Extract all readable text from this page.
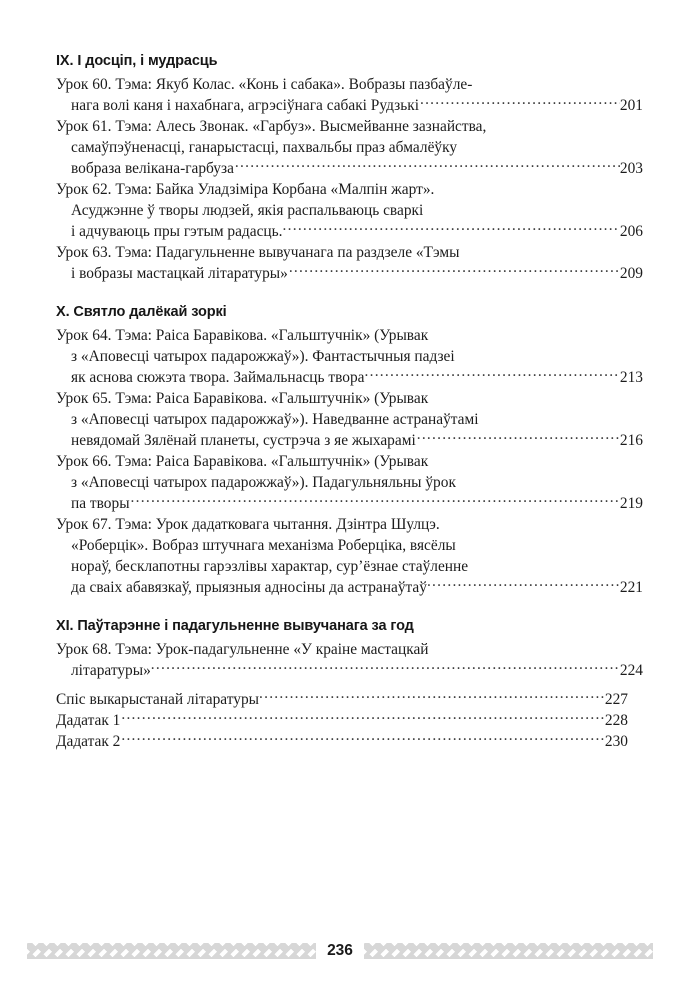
IX. I досціп, і мудрасць
Урок 60. Тэма: Якуб Колас. «Конь і сабака». Вобразы пазбаўле-
нага волі каня і нахабнага, агрэсіўнага сабакі Рудзькі .....	201
Урок 61. Тэма: Алесь Звонак. «Гарбуз». Высмейванне зазнайства,
самаўпэўненасці, ганарыстасці, пахвальбы праз абмалёўку
вобраза велікана-гарбуза .....	203
Урок 62. Тэма: Байка Уладзіміра Корбана «Малпін жарт».
Асуджэнне ў творы людзей, якія распальваюць сваркі
і адчуваюць пры гэтым радасць. .....	206
Урок 63. Тэма: Падагульненне вывучанага па раздзеле «Тэмы
і вобразы мастацкай літаратуры» .....	209
X. Святло далёкай зоркі
Урок 64. Тэма: Раіса Баравікова. «Гальштучнік» (Урывак
з «Аповесці чатырох падарожжаў»). Фантастычныя падзеі
як аснова сюжэта твора. Займальнасць твора .....	213
Урок 65. Тэма: Раіса Баравікова. «Гальштучнік» (Урывак
з «Аповесці чатырох падарожжаў»). Наведванне астранаўтамі
невядомай Зялёнай планеты, сустрэча з яе жыхарамі .....	216
Урок 66. Тэма: Раіса Баравікова. «Гальштучнік» (Урывак
з «Аповесці чатырох падарожжаў»). Падагульняльны ўрок
па творы .....	219
Урок 67. Тэма: Урок дадатковага чытання. Дзінтра Шулцэ.
«Роберцік». Вобраз штучнага механізма Роберціка, вясёлы
нораў, бесклапотны гарэзлівы характар, сур’ёзнае стаўленне
да сваіх абавязкаў, прыязныя адносіны да астранаўтаў .....	221
XI. Паўтарэнне і падагульненне вывучанага за год
Урок 68. Тэма: Урок-падагульненне «У краіне мастацкай
літаратуры» .....	224
Спіс выкарыстанай літаратуры .....	227
Дадатак 1 .....	228
Дадатак 2 .....	230
236
